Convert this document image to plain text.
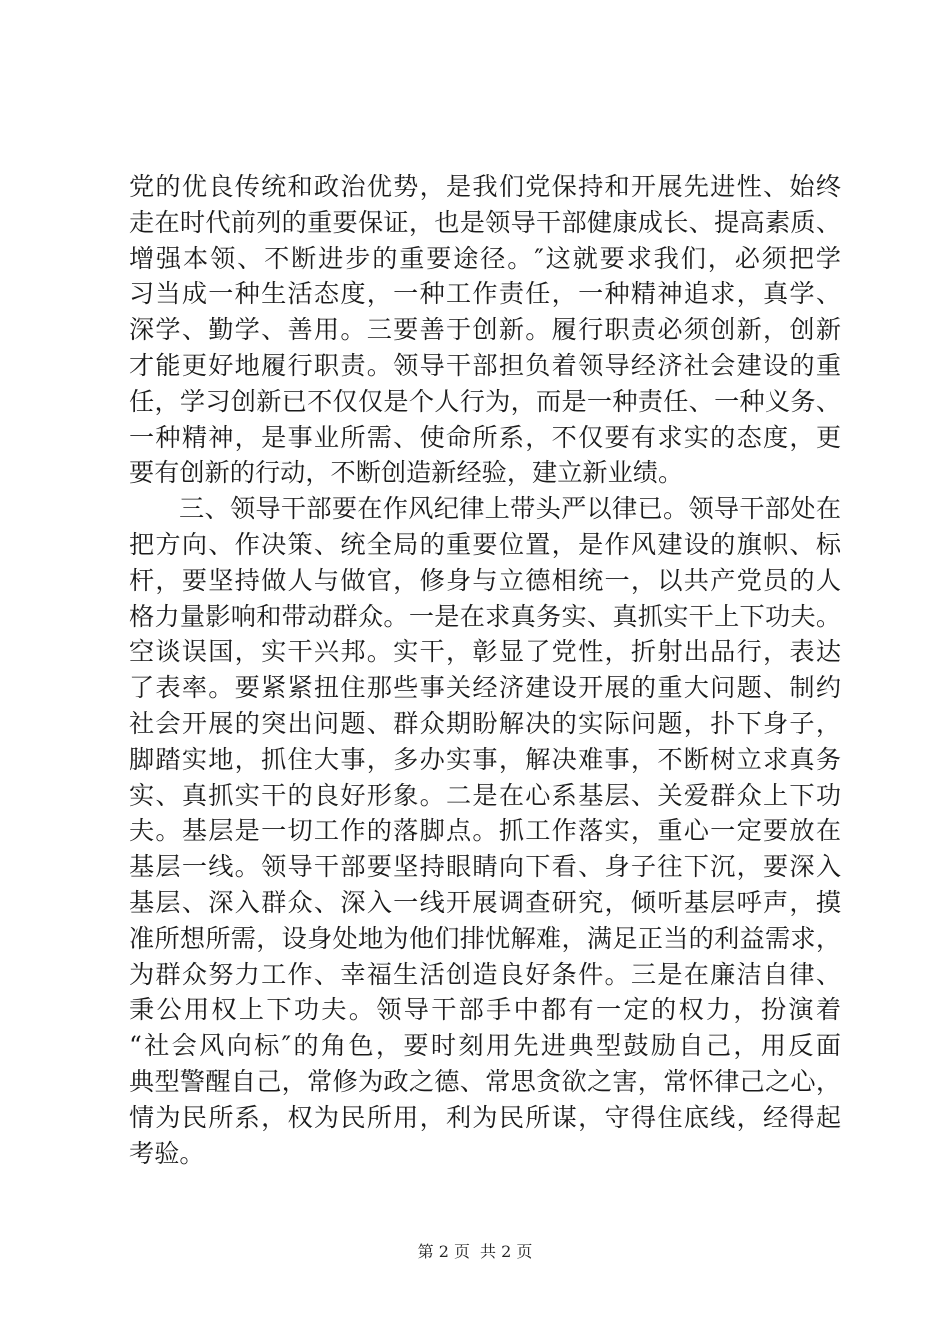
党的优良传统和政治优势，是我们党保持和开展先进性、始终
走在时代前列的重要保证，也是领导干部健康成长、提高素质、
增强本领、不断进步的重要途径。″这就要求我们，必须把学
习当成一种生活态度，一种工作责任，一种精神追求，真学、
深学、勤学、善用。三要善于创新。履行职责必须创新，创新
才能更好地履行职责。领导干部担负着领导经济社会建设的重
任，学习创新已不仅仅是个人行为，而是一种责任、一种义务、
一种精神，是事业所需、使命所系，不仅要有求实的态度，更
要有创新的行动，不断创造新经验，建立新业绩。
三、领导干部要在作风纪律上带头严以律已。领导干部处在
把方向、作决策、统全局的重要位置，是作风建设的旗帜、标
杆，要坚持做人与做官，修身与立德相统一，以共产党员的人
格力量影响和带动群众。一是在求真务实、真抓实干上下功夫。
空谈误国，实干兴邦。实干，彰显了党性，折射出品行，表达
了表率。要紧紧扭住那些事关经济建设开展的重大问题、制约
社会开展的突出问题、群众期盼解决的实际问题，扑下身子，
脚踏实地，抓住大事，多办实事，解决难事，不断树立求真务
实、真抓实干的良好形象。二是在心系基层、关爱群众上下功
夫。基层是一切工作的落脚点。抓工作落实，重心一定要放在
基层一线。领导干部要坚持眼睛向下看、身子往下沉，要深入
基层、深入群众、深入一线开展调查研究，倾听基层呼声，摸
准所想所需，设身处地为他们排忧解难，满足正当的利益需求，
为群众努力工作、幸福生活创造良好条件。三是在廉洁自律、
秉公用权上下功夫。领导干部手中都有一定的权力，扮演着
“社会风向标″的角色，要时刻用先进典型鼓励自己，用反面
典型警醒自己，常修为政之德、常思贪欲之害，常怀律己之心，
情为民所系，权为民所用，利为民所谋，守得住底线，经得起
考验。
第 2 页 共 2 页
